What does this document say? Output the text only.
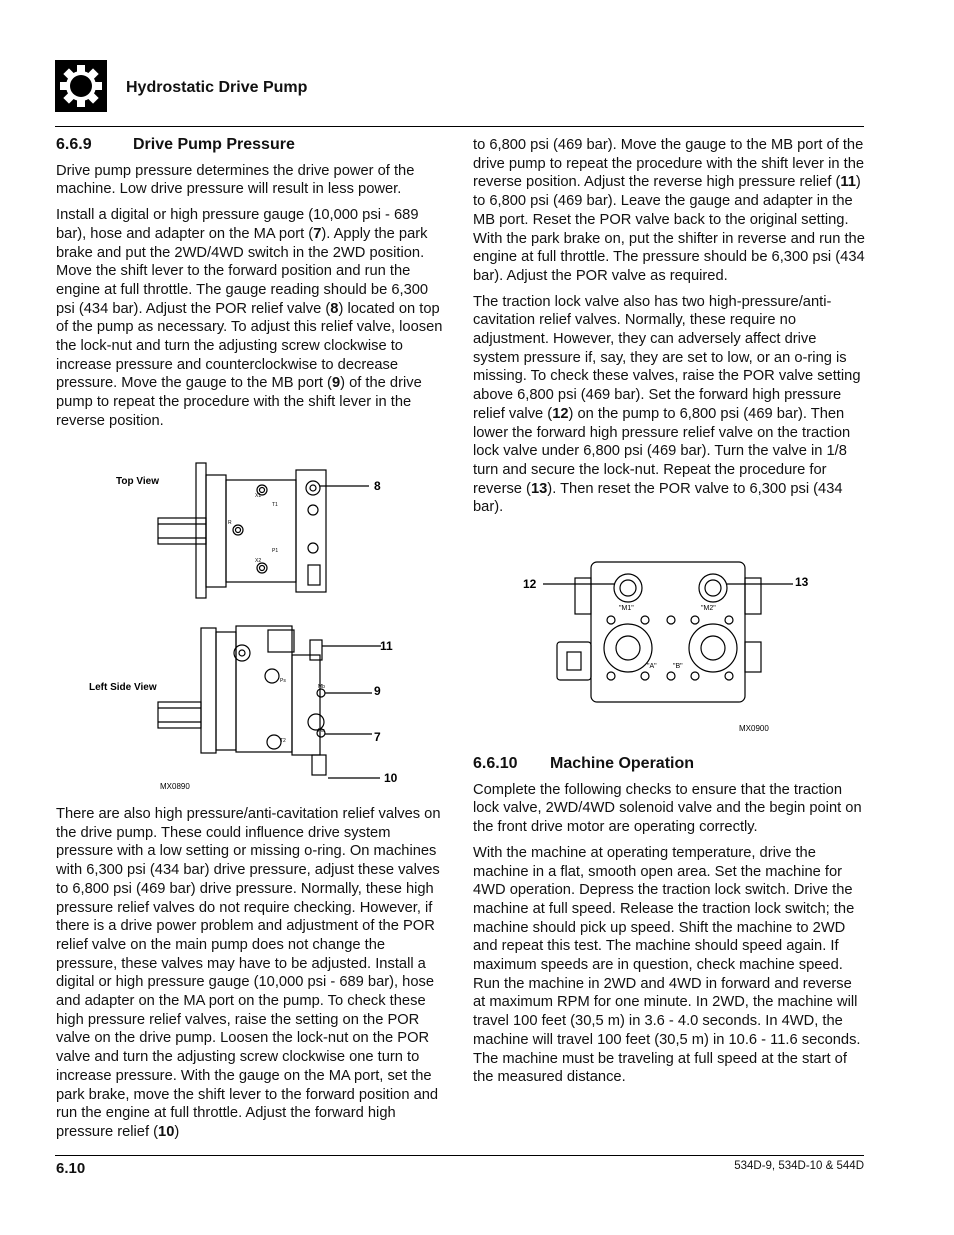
Hydrostatic Drive Pump
6.6.9	Drive Pump Pressure

Drive pump pressure determines the drive power of the machine. Low drive pressure will result in less power.

Install a digital or high pressure gauge (10,000 psi - 689 bar), hose and adapter on the MA port (7). Apply the park brake and put the 2WD/4WD switch in the 2WD position. Move the shift lever to the forward position and run the engine at full throttle. The gauge reading should be 6,300 psi (434 bar). Adjust the POR relief valve (8) located on top of the pump as necessary. To adjust this relief valve, loosen the lock-nut and turn the adjusting screw clockwise to increase pressure and counterclockwise to decrease pressure. Move the gauge to the MB port (9) of the drive pump to repeat the procedure with the shift lever in the reverse position.

Top View
Left Side View
8
11
9
7
10
X1
T1
R
P1
X2
Ps
Mb
Ma
T2
MX0890

There are also high pressure/anti-cavitation relief valves on the drive pump. These could influence drive system pressure with a low setting or missing o-ring. On machines with 6,300 psi (434 bar) drive pressure, adjust these valves to 6,800 psi (469 bar) drive pressure. Normally, these high pressure relief valves do not require checking. However, if there is a drive power problem and adjustment of the POR relief valve on the main pump does not change the pressure, these valves may have to be adjusted. Install a digital or high pressure gauge (10,000 psi - 689 bar), hose and adapter on the MA port on the pump. To check these high pressure relief valves, raise the setting on the POR valve on the drive pump. Loosen the lock-nut on the POR valve and turn the adjusting screw clockwise one turn to increase pressure. With the gauge on the MA port, set the park brake, move the shift lever to the forward position and run the engine at full throttle. Adjust the forward high pressure relief (10)

to 6,800 psi (469 bar). Move the gauge to the MB port of the drive pump to repeat the procedure with the shift lever in the reverse position. Adjust the reverse high pressure relief (11) to 6,800 psi (469 bar). Leave the gauge and adapter in the MB port. Reset the POR valve back to the original setting. With the park brake on, put the shifter in reverse and run the engine at full throttle. The pressure should be 6,300 psi (434 bar). Adjust the POR valve as required.

The traction lock valve also has two high-pressure/anti-cavitation relief valves. Normally, these require no adjustment. However, they can adversely affect drive system pressure if, say, they are set to low, or an o-ring is missing. To check these valves, raise the POR valve setting above 6,800 psi (469 bar). Set the forward high pressure relief valve (12) on the pump to 6,800 psi (469 bar). Then lower the forward high pressure relief valve on the traction lock valve under 6,800 psi (469 bar). Turn the valve in 1/8 turn and secure the lock-nut. Repeat the procedure for reverse (13). Then reset the POR valve to 6,300 psi (434 bar).

12	13
"M1"	"M2"
"A" "B"
MX0900
6.6.10	Machine Operation

Complete the following checks to ensure that the traction lock valve, 2WD/4WD solenoid valve and the begin point on the front drive motor are operating correctly.

With the machine at operating temperature, drive the machine in a flat, smooth open area. Set the machine for 4WD operation. Depress the traction lock switch. Drive the machine at full speed. Release the traction lock switch; the machine should pick up speed. Shift the machine to 2WD and repeat this test. The machine should speed again. If maximum speeds are in question, check machine speed. Run the machine in 2WD and 4WD in forward and reverse at maximum RPM for one minute. In 2WD, the machine will travel 100 feet (30,5 m) in 3.6 - 4.0 seconds. In 4WD, the machine will travel 100 feet (30,5 m) in 10.6 - 11.6 seconds. The machine must be traveling at full speed at the start of the measured distance.

6.10	534D-9, 534D-10 & 544D
